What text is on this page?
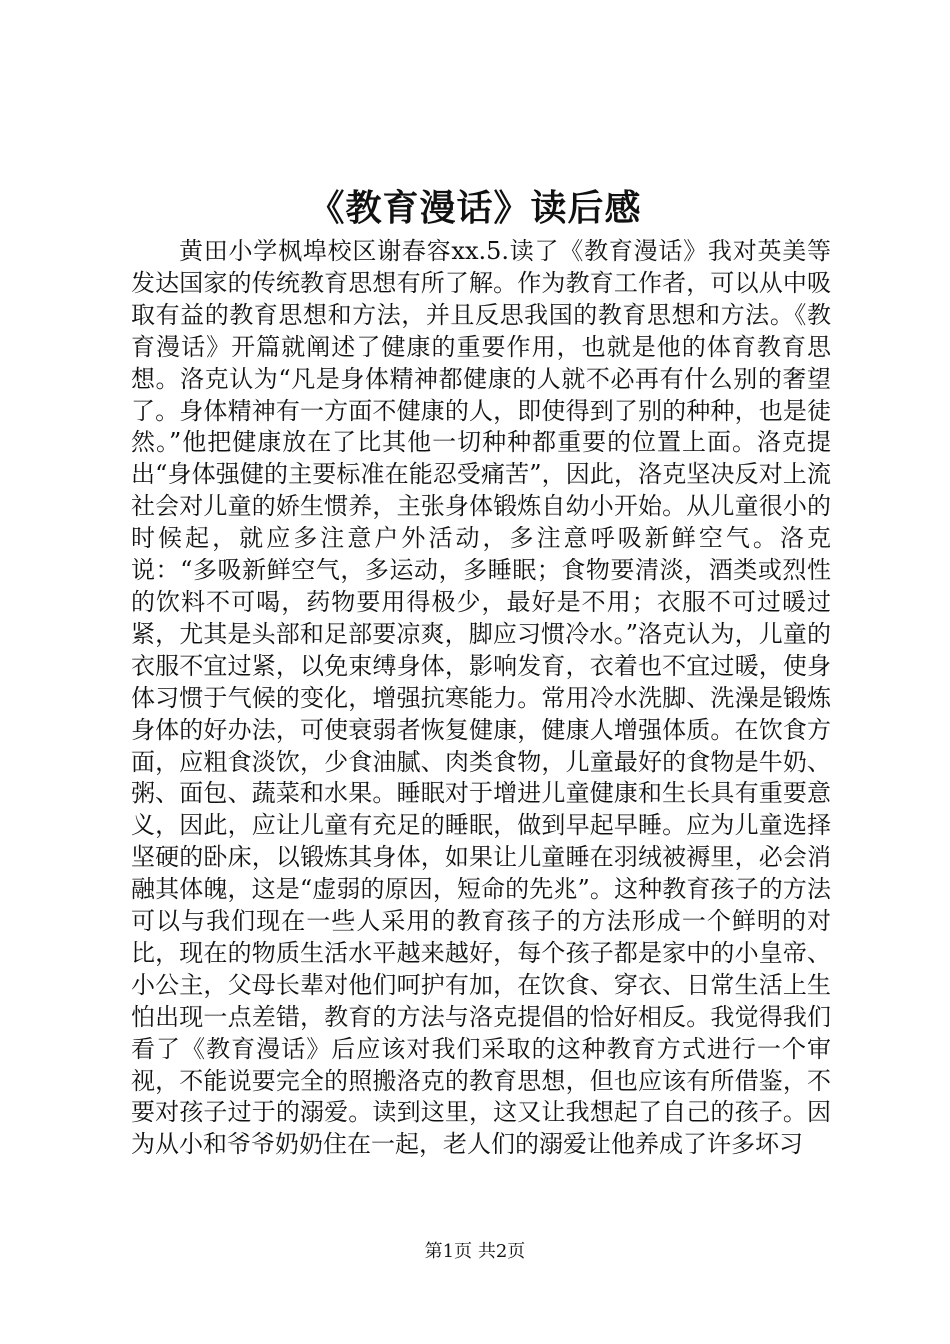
《教育漫话》读后感

黄田小学枫埠校区谢春容xx.5.读了《教育漫话》我对英美等发达国家的传统教育思想有所了解。作为教育工作者，可以从中吸取有益的教育思想和方法，并且反思我国的教育思想和方法。《教育漫话》开篇就阐述了健康的重要作用，也就是他的体育教育思想。洛克认为“凡是身体精神都健康的人就不必再有什么别的奢望了。身体精神有一方面不健康的人，即使得到了别的种种，也是徒然。”他把健康放在了比其他一切种种都重要的位置上面。洛克提出“身体强健的主要标准在能忍受痛苦”，因此，洛克坚决反对上流社会对儿童的娇生惯养，主张身体锻炼自幼小开始。从儿童很小的时候起，就应多注意户外活动，多注意呼吸新鲜空气。洛克说：“多吸新鲜空气，多运动，多睡眠；食物要清淡，酒类或烈性的饮料不可喝，药物要用得极少，最好是不用；衣服不可过暖过紧，尤其是头部和足部要凉爽，脚应习惯冷水。”洛克认为，儿童的衣服不宜过紧，以免束缚身体，影响发育，衣着也不宜过暖，使身体习惯于气候的变化，增强抗寒能力。常用冷水洗脚、洗澡是锻炼身体的好办法，可使衰弱者恢复健康，健康人增强体质。在饮食方面，应粗食淡饮，少食油腻、肉类食物，儿童最好的食物是牛奶、粥、面包、蔬菜和水果。睡眠对于增进儿童健康和生长具有重要意义，因此，应让儿童有充足的睡眠，做到早起早睡。应为儿童选择坚硬的卧床，以锻炼其身体，如果让儿童睡在羽绒被褥里，必会消融其体魄，这是“虚弱的原因，短命的先兆”。这种教育孩子的方法可以与我们现在一些人采用的教育孩子的方法形成一个鲜明的对比，现在的物质生活水平越来越好，每个孩子都是家中的小皇帝、小公主，父母长辈对他们呵护有加，在饮食、穿衣、日常生活上生怕出现一点差错，教育的方法与洛克提倡的恰好相反。我觉得我们看了《教育漫话》后应该对我们采取的这种教育方式进行一个审视，不能说要完全的照搬洛克的教育思想，但也应该有所借鉴，不要对孩子过于的溺爱。读到这里，这又让我想起了自己的孩子。因为从小和爷爷奶奶住在一起，老人们的溺爱让他养成了许多坏习

第1页 共2页
